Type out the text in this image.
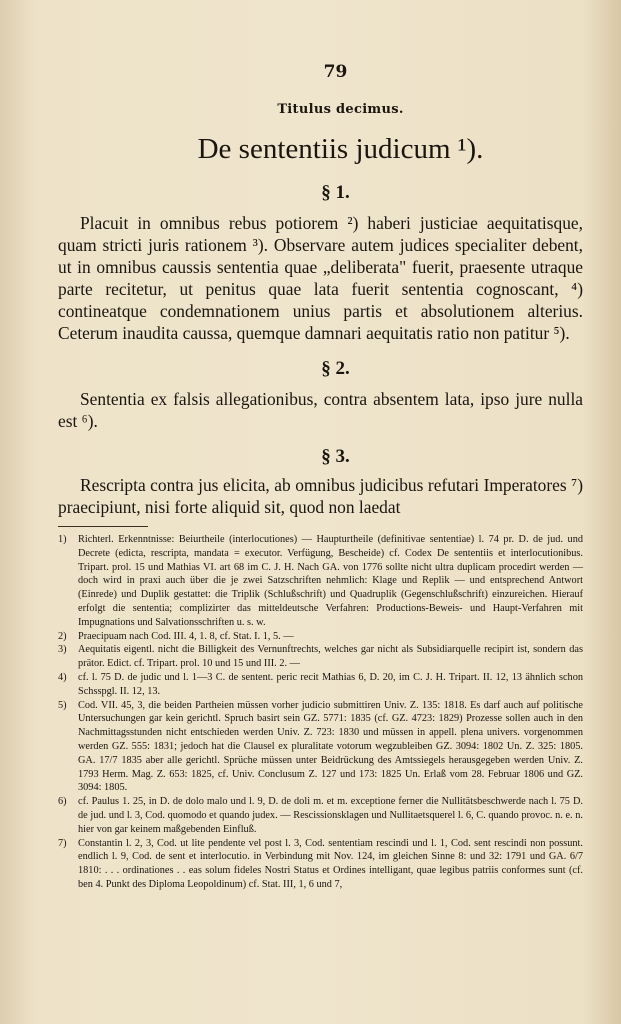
79
Titulus decimus.
De sententiis judicum ¹).
§ 1.
Placuit in omnibus rebus potiorem ²) haberi justiciae aequitatisque, quam stricti juris rationem ³). Observare autem judices specialiter debent, ut in omnibus caussis sententia quae „deliberata" fuerit, praesente utraque parte recitetur, ut penitus quae lata fuerit sententia cognoscant, ⁴) contineatque condemnationem unius partis et absolutionem alterius. Ceterum inaudita caussa, quemque damnari aequitatis ratio non patitur ⁵).
§ 2.
Sententia ex falsis allegationibus, contra absentem lata, ipso jure nulla est ⁶).
§ 3.
Rescripta contra jus elicita, ab omnibus judicibus refutari Imperatores ⁷) praecipiunt, nisi forte aliquid sit, quod non laedat
1)	Richterl. Erkenntnisse: Beiurtheile (interlocutiones) — Haupturtheile (definitivae sententiae) l. 74 pr. D. de jud. und Decrete (edicta, rescripta, mandata = executor. Verfügung, Bescheide) cf. Codex De sententiis et interlocutionibus. Tripart. prol. 15 und Mathias VI. art 68 im C. J. H. Nach GA. von 1776 sollte nicht ultra duplicam procedirt werden — doch wird in praxi auch über die je zwei Satzschriften nehmlich: Klage und Replik — und entsprechend Antwort (Einrede) und Duplik gestattet: die Triplik (Schlußschrift) und Quadruplik (Gegenschlußschrift) einzureichen. Hierauf erfolgt die sententia; complizirter das mitteldeutsche Verfahren: Productions-Beweis- und Haupt-Verfahren mit Impugnations und Salvationsschriften u. s. w.
2)	Praecipuam nach Cod. III. 4, 1. 8, cf. Stat. I. 1, 5. —
3)	Aequitatis eigentl. nicht die Billigkeit des Vernunftrechts, welches gar nicht als Subsidiarquelle recipirt ist, sondern das prätor. Edict. cf. Tripart. prol. 10 und 15 und III. 2. —
4)	cf. l. 75 D. de judic und l. 1—3 C. de sentent. peric recit Mathias 6, D. 20, im C. J. H. Tripart. II. 12, 13 ähnlich schon Schsspgl. II. 12, 13.
5)	Cod. VII. 45, 3, die beiden Partheien müssen vorher judicio submittiren Univ. Z. 135: 1818. Es darf auch auf politische Untersuchungen gar kein gerichtl. Spruch basirt sein GZ. 5771: 1835 (cf. GZ. 4723: 1829) Prozesse sollen auch in den Nachmittagsstunden nicht entschieden werden Univ. Z. 723: 1830 und müssen in appell. plena univers. vorgenommen werden GZ. 555: 1831; jedoch hat die Clausel ex pluralitate votorum wegzubleiben GZ. 3094: 1802 Un. Z. 325: 1805. GA. 17/7 1835 aber alle gerichtl. Sprüche müssen unter Beidrückung des Amtssiegels herausgegeben werden Univ. Z. 1793 Herm. Mag. Z. 653: 1825, cf. Univ. Conclusum Z. 127 und 173: 1825 Un. Erlaß vom 28. Februar 1806 und GZ. 3094: 1805.
6)	cf. Paulus 1. 25, in D. de dolo malo und l. 9, D. de doli m. et m. exceptione ferner die Nullitätsbeschwerde nach l. 75 D. de jud. und l. 3, Cod. quomodo et quando judex. — Rescissionsklagen und Nullitaetsquerel l. 6, C. quando provoc. n. e. n. hier von gar keinem maßgebenden Einfluß.
7)	Constantin l. 2, 3, Cod. ut lite pendente vel post l. 3, Cod. sententiam rescindi und l. 1, Cod. sent rescindi non possunt. endlich l. 9, Cod. de sent et interlocutio. in Verbindung mit Nov. 124, im gleichen Sinne 8: und 32: 1791 und GA. 6/7 1810: . . . ordinationes . . eas solum fideles Nostri Status et Ordines intelligant, quae legibus patriis conformes sunt (cf. ben 4. Punkt des Diploma Leopoldinum) cf. Stat. III, 1, 6 und 7,
